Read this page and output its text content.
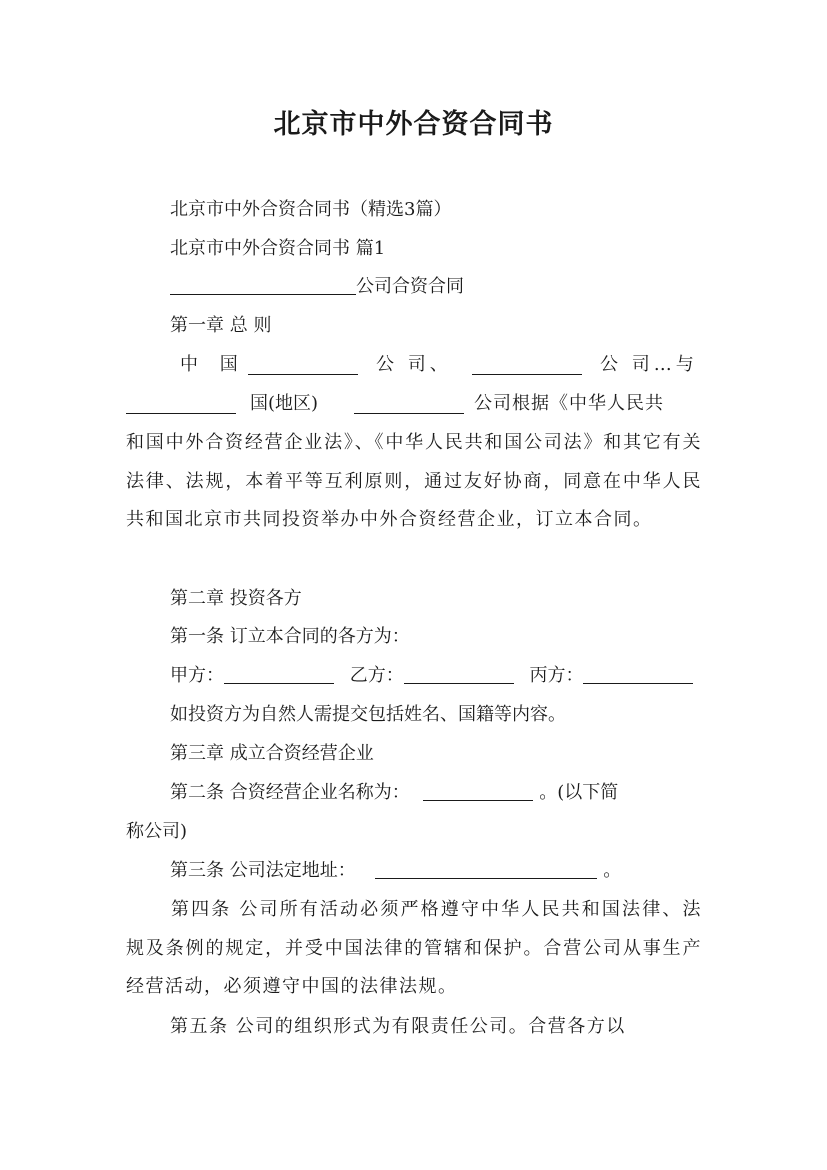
北京市中外合资合同书
北京市中外合资合同书（精选3篇）
北京市中外合资合同书 篇1
公司合资合同
第一章 总 则
中 国	公 司、	公 司…与
国(地区)	公司根据《中华人民共
和国中外合资经营企业法》、《中华人民共和国公司法》和其它有关法律、法规，本着平等互利原则，通过友好协商，同意在中华人民共和国北京市共同投资举办中外合资经营企业，订立本合同。
第二章 投资各方
第一条 订立本合同的各方为：
甲方：	乙方：	丙方：
如投资方为自然人需提交包括姓名、国籍等内容。
第三章 成立合资经营企业
第二条 合资经营企业名称为：	。(以下简
称公司)
第三条 公司法定地址：	。
第四条 公司所有活动必须严格遵守中华人民共和国法律、法规及条例的规定，并受中国法律的管辖和保护。合营公司从事生产经营活动，必须遵守中国的法律法规。
第五条 公司的组织形式为有限责任公司。合营各方以
